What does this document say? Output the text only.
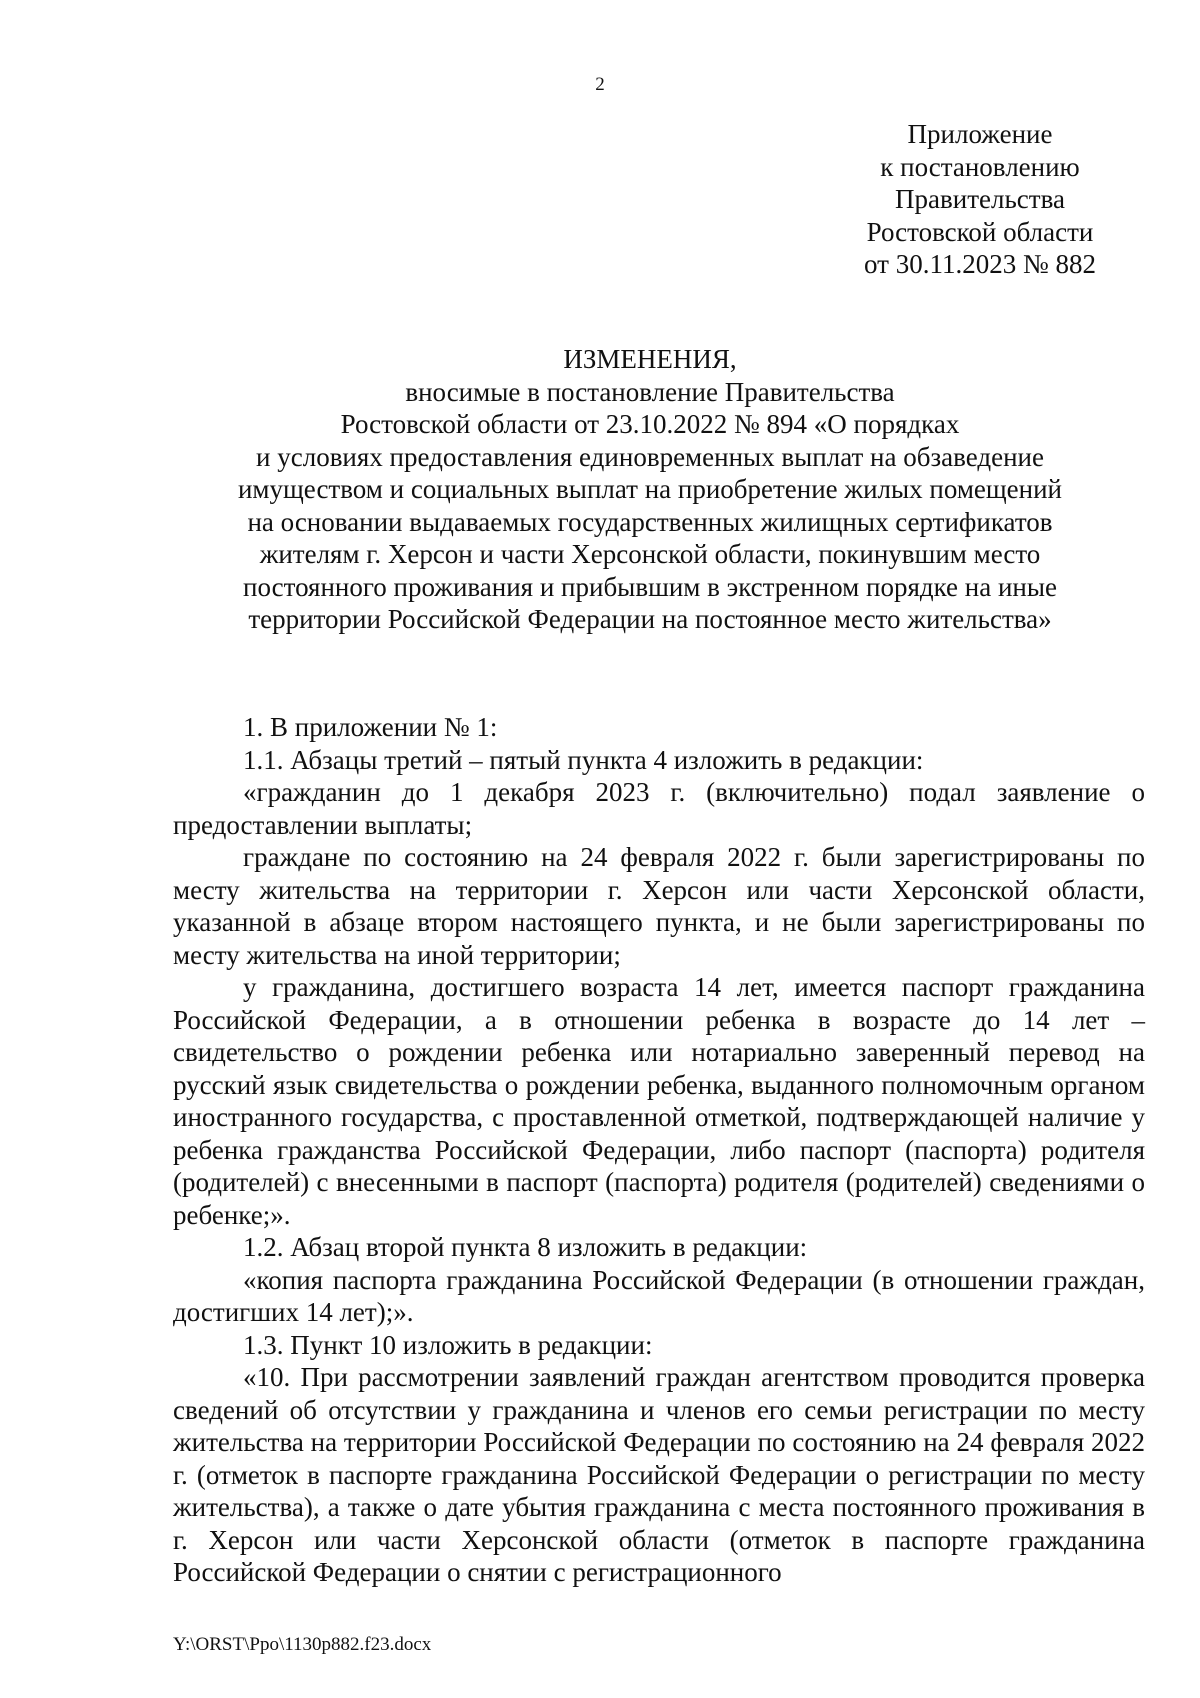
2
Приложение
к постановлению
Правительства
Ростовской области
от 30.11.2023 № 882
ИЗМЕНЕНИЯ,
вносимые в постановление Правительства
Ростовской области от 23.10.2022 № 894 «О порядках
и условиях предоставления единовременных выплат на обзаведение
имуществом и социальных выплат на приобретение жилых помещений
на основании выдаваемых государственных жилищных сертификатов
жителям г. Херсон и части Херсонской области, покинувшим место
постоянного проживания и прибывшим в экстренном порядке на иные
территории Российской Федерации на постоянное место жительства»

1. В приложении № 1:

1.1. Абзацы третий – пятый пункта 4 изложить в редакции:

«гражданин до 1 декабря 2023 г. (включительно) подал заявление о предоставлении выплаты;

граждане по состоянию на 24 февраля 2022 г. были зарегистрированы по месту жительства на территории г. Херсон или части Херсонской области, указанной в абзаце втором настоящего пункта, и не были зарегистрированы по месту жительства на иной территории;

у гражданина, достигшего возраста 14 лет, имеется паспорт гражданина Российской Федерации, а в отношении ребенка в возрасте до 14 лет – свидетельство о рождении ребенка или нотариально заверенный перевод на русский язык свидетельства о рождении ребенка, выданного полномочным органом иностранного государства, с проставленной отметкой, подтверждающей наличие у ребенка гражданства Российской Федерации, либо паспорт (паспорта) родителя (родителей) с внесенными в паспорт (паспорта) родителя (родителей) сведениями о ребенке;».

1.2. Абзац второй пункта 8 изложить в редакции:

«копия паспорта гражданина Российской Федерации (в отношении граждан, достигших 14 лет);».

1.3. Пункт 10 изложить в редакции:

«10. При рассмотрении заявлений граждан агентством проводится проверка сведений об отсутствии у гражданина и членов его семьи регистрации по месту жительства на территории Российской Федерации по состоянию на 24 февраля 2022 г. (отметок в паспорте гражданина Российской Федерации о регистрации по месту жительства), а также о дате убытия гражданина с места постоянного проживания в г. Херсон или части Херсонской области (отметок в паспорте гражданина Российской Федерации о снятии с регистрационного

Y:\ORST\Ppo\1130p882.f23.docx
